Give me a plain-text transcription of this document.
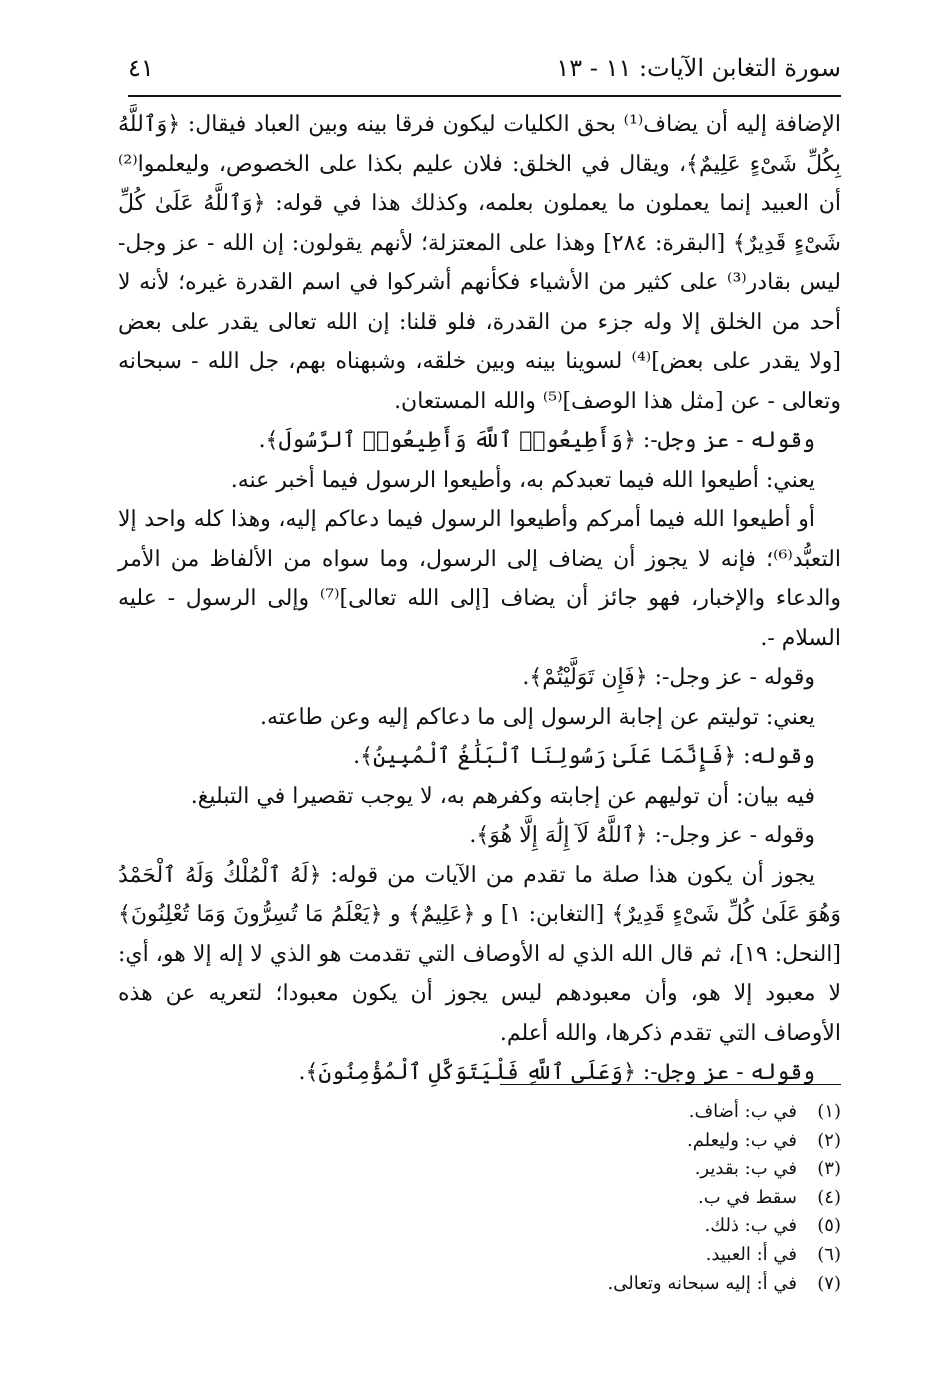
سورة التغابن الآيات: ١١ - ١٣
٤١

الإضافة إليه أن يضاف⁽¹⁾ بحق الكليات ليكون فرقا بينه وبين العباد فيقال: ﴿وَٱللَّهُ بِكُلِّ شَىْءٍ عَلِيمٌ﴾، ويقال في الخلق: فلان عليم بكذا على الخصوص، وليعلموا⁽²⁾ أن العبيد إنما يعملون ما يعملون بعلمه، وكذلك هذا في قوله: ﴿وَٱللَّهُ عَلَىٰ كُلِّ شَىْءٍ قَدِيرٌ﴾ [البقرة: ٢٨٤] وهذا على المعتزلة؛ لأنهم يقولون: إن الله - عز وجل- ليس بقادر⁽³⁾ على كثير من الأشياء فكأنهم أشركوا في اسم القدرة غيره؛ لأنه لا أحد من الخلق إلا وله جزء من القدرة، فلو قلنا: إن الله تعالى يقدر على بعض [ولا يقدر على بعض]⁽⁴⁾ لسوينا بينه وبين خلقه، وشبهناه بهم، جل الله - سبحانه وتعالى - عن [مثل هذا الوصف]⁽⁵⁾ والله المستعان.

وقوله - عز وجل-: ﴿وَأَطِيعُوا۟ ٱللَّهَ وَأَطِيعُوا۟ ٱلرَّسُولَ﴾.

يعني: أطيعوا الله فيما تعبدكم به، وأطيعوا الرسول فيما أخبر عنه.

أو أطيعوا الله فيما أمركم وأطيعوا الرسول فيما دعاكم إليه، وهذا كله واحد إلا التعبُّد⁽⁶⁾؛ فإنه لا يجوز أن يضاف إلى الرسول، وما سواه من الألفاظ من الأمر والدعاء والإخبار، فهو جائز أن يضاف [إلى الله تعالى]⁽⁷⁾ وإلى الرسول - عليه السلام -.

وقوله - عز وجل-: ﴿فَإِن تَوَلَّيْتُمْ﴾.

يعني: توليتم عن إجابة الرسول إلى ما دعاكم إليه وعن طاعته.

وقوله: ﴿فَإِنَّمَا عَلَىٰ رَسُولِنَا ٱلْبَلَٰغُ ٱلْمُبِينُ﴾.

فيه بيان: أن توليهم عن إجابته وكفرهم به، لا يوجب تقصيرا في التبليغ.

وقوله - عز وجل-: ﴿ٱللَّهُ لَآ إِلَٰهَ إِلَّا هُوَ﴾.

يجوز أن يكون هذا صلة ما تقدم من الآيات من قوله: ﴿لَهُ ٱلْمُلْكُ وَلَهُ ٱلْحَمْدُ وَهُوَ عَلَىٰ كُلِّ شَىْءٍ قَدِيرٌ﴾ [التغابن: ١] و ﴿عَلِيمٌ﴾ و ﴿يَعْلَمُ مَا تُسِرُّونَ وَمَا تُعْلِنُونَ﴾ [النحل: ١٩]، ثم قال الله الذي له الأوصاف التي تقدمت هو الذي لا إله إلا هو، أي: لا معبود إلا هو، وأن معبودهم ليس يجوز أن يكون معبودا؛ لتعريه عن هذه الأوصاف التي تقدم ذكرها، والله أعلم.

وقوله - عز وجل-: ﴿وَعَلَى ٱللَّهِ فَلْيَتَوَكَّلِ ٱلْمُؤْمِنُونَ﴾.

(١)في ب: أضاف.
(٢)في ب: وليعلم.
(٣)في ب: بقدير.
(٤)سقط في ب.
(٥)في ب: ذلك.
(٦)في أ: العبيد.
(٧)في أ: إليه سبحانه وتعالى.
